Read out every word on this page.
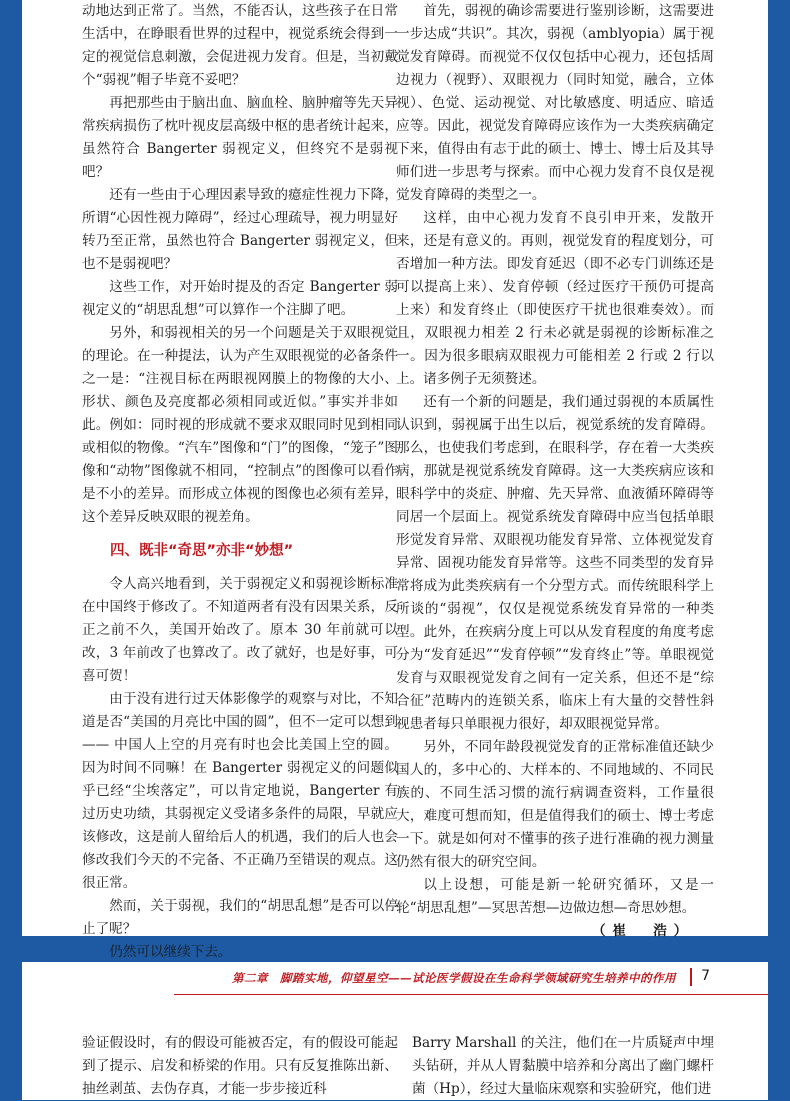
动地达到正常了。当然，不能否认，这些孩子在日常生活中，在睁眼看世界的过程中，视觉系统会得到一定的视觉信息刺激，会促进视力发育。但是，当初戴个“弱视”帽子毕竟不妥吧？

再把那些由于脑出血、脑血栓、脑肿瘤等先天异常疾病损伤了枕叶视皮层高级中枢的患者统计起来，虽然符合 Bangerter 弱视定义，但终究不是弱视吧？

还有一些由于心理因素导致的癔症性视力下降，所谓“心因性视力障碍”，经过心理疏导，视力明显好转乃至正常，虽然也符合 Bangerter 弱视定义，但也不是弱视吧？

这些工作，对开始时提及的否定 Bangerter 弱视定义的“胡思乱想”可以算作一个注脚了吧。

另外，和弱视相关的另一个问题是关于双眼视觉的理论。在一种提法，认为产生双眼视觉的必备条件之一是：“注视目标在两眼视网膜上的物像的大小、形状、颜色及亮度都必须相同或近似。”事实并非如此。例如：同时视的形成就不要求双眼同时见到相同或相似的物像。“汽车”图像和“门”的图像，“笼子”图像和“动物”图像就不相同，“控制点”的图像可以看作是不小的差异。而形成立体视的图像也必须有差异，这个差异反映双眼的视差角。

四、既非“奇思”亦非“妙想”

令人高兴地看到，关于弱视定义和弱视诊断标准在中国终于修改了。不知道两者有没有因果关系，反正之前不久，美国开始改了。原本 30 年前就可以改，3 年前改了也算改了。改了就好，也是好事，可喜可贺！

由于没有进行过天体影像学的观察与对比，不知道是否“美国的月亮比中国的圆”，但不一定可以想到—— 中国人上空的月亮有时也会比美国上空的圆。因为时间不同嘛！在 Bangerter 弱视定义的问题似乎已经“尘埃落定”，可以肯定地说，Bangerter 有过历史功绩，其弱视定义受诸多条件的局限，早就应该修改，这是前人留给后人的机遇，我们的后人也会修改我们今天的不完备、不正确乃至错误的观点。这很正常。

然而，关于弱视，我们的“胡思乱想”是否可以停止了呢？

仍然可以继续下去。

首先，弱视的确诊需要进行鉴别诊断，这需要进一步达成“共识”。其次，弱视（amblyopia）属于视觉发育障碍。而视觉不仅仅包括中心视力，还包括周边视力（视野）、双眼视力（同时知觉，融合，立体视）、色觉、运动视觉、对比敏感度、明适应、暗适应等。因此，视觉发育障碍应该作为一大类疾病确定下来，值得由有志于此的硕士、博士、博士后及其导师们进一步思考与探索。而中心视力发育不良仅是视觉发育障碍的类型之一。

这样，由中心视力发育不良引申开来，发散开来，还是有意义的。再则，视觉发育的程度划分，可否增加一种方法。即发育延迟（即不必专门训练还是可以提高上来）、发育停顿（经过医疗干预仍可提高上来）和发育终止（即使医疗干扰也很难奏效）。而且，双眼视力相差 2 行未必就是弱视的诊断标准之一。因为很多眼病双眼视力可能相差 2 行或 2 行以上。诸多例子无须赘述。

还有一个新的问题是，我们通过弱视的本质属性认识到，弱视属于出生以后，视觉系统的发育障碍。那么，也使我们考虑到，在眼科学，存在着一大类疾病，那就是视觉系统发育障碍。这一大类疾病应该和眼科学中的炎症、肿瘤、先天异常、血液循环障碍等同居一个层面上。视觉系统发育障碍中应当包括单眼形觉发育异常、双眼视功能发育异常、立体视觉发育异常、固视功能发育异常等。这些不同类型的发育异常将成为此类疾病有一个分型方式。而传统眼科学上所谈的“弱视”，仅仅是视觉系统发育异常的一种类型。此外，在疾病分度上可以从发育程度的角度考虑分为“发育延迟”“发育停顿”“发育终止”等。单眼视觉发育与双眼视觉发育之间有一定关系，但还不是“综合征”范畴内的连锁关系，临床上有大量的交替性斜视患者每只单眼视力很好，却双眼视觉异常。

另外，不同年龄段视觉发育的正常标准值还缺少国人的，多中心的、大样本的、不同地域的、不同民族的、不同生活习惯的流行病调查资料，工作量很大，难度可想而知，但是值得我们的硕士、博士考虑一下。就是如何对不懂事的孩子进行准确的视力测量仍然有很大的研究空间。

以上设想，可能是新一轮研究循环，又是一轮“胡思乱想”—冥思苦想—边做边想—奇思妙想。

（崔　浩）
第二章　脚踏实地，仰望星空——试论医学假设在生命科学领域研究生培养中的作用 7

验证假设时，有的假设可能被否定，有的假设可能起到了提示、启发和桥梁的作用。只有反复推陈出新、抽丝剥茧、去伪存真，才能一步步接近科

Barry Marshall 的关注，他们在一片质疑声中埋头钻研，并从人胃黏膜中培养和分离出了幽门螺杆菌（Hp），经过大量临床观察和实验研究，他们进
